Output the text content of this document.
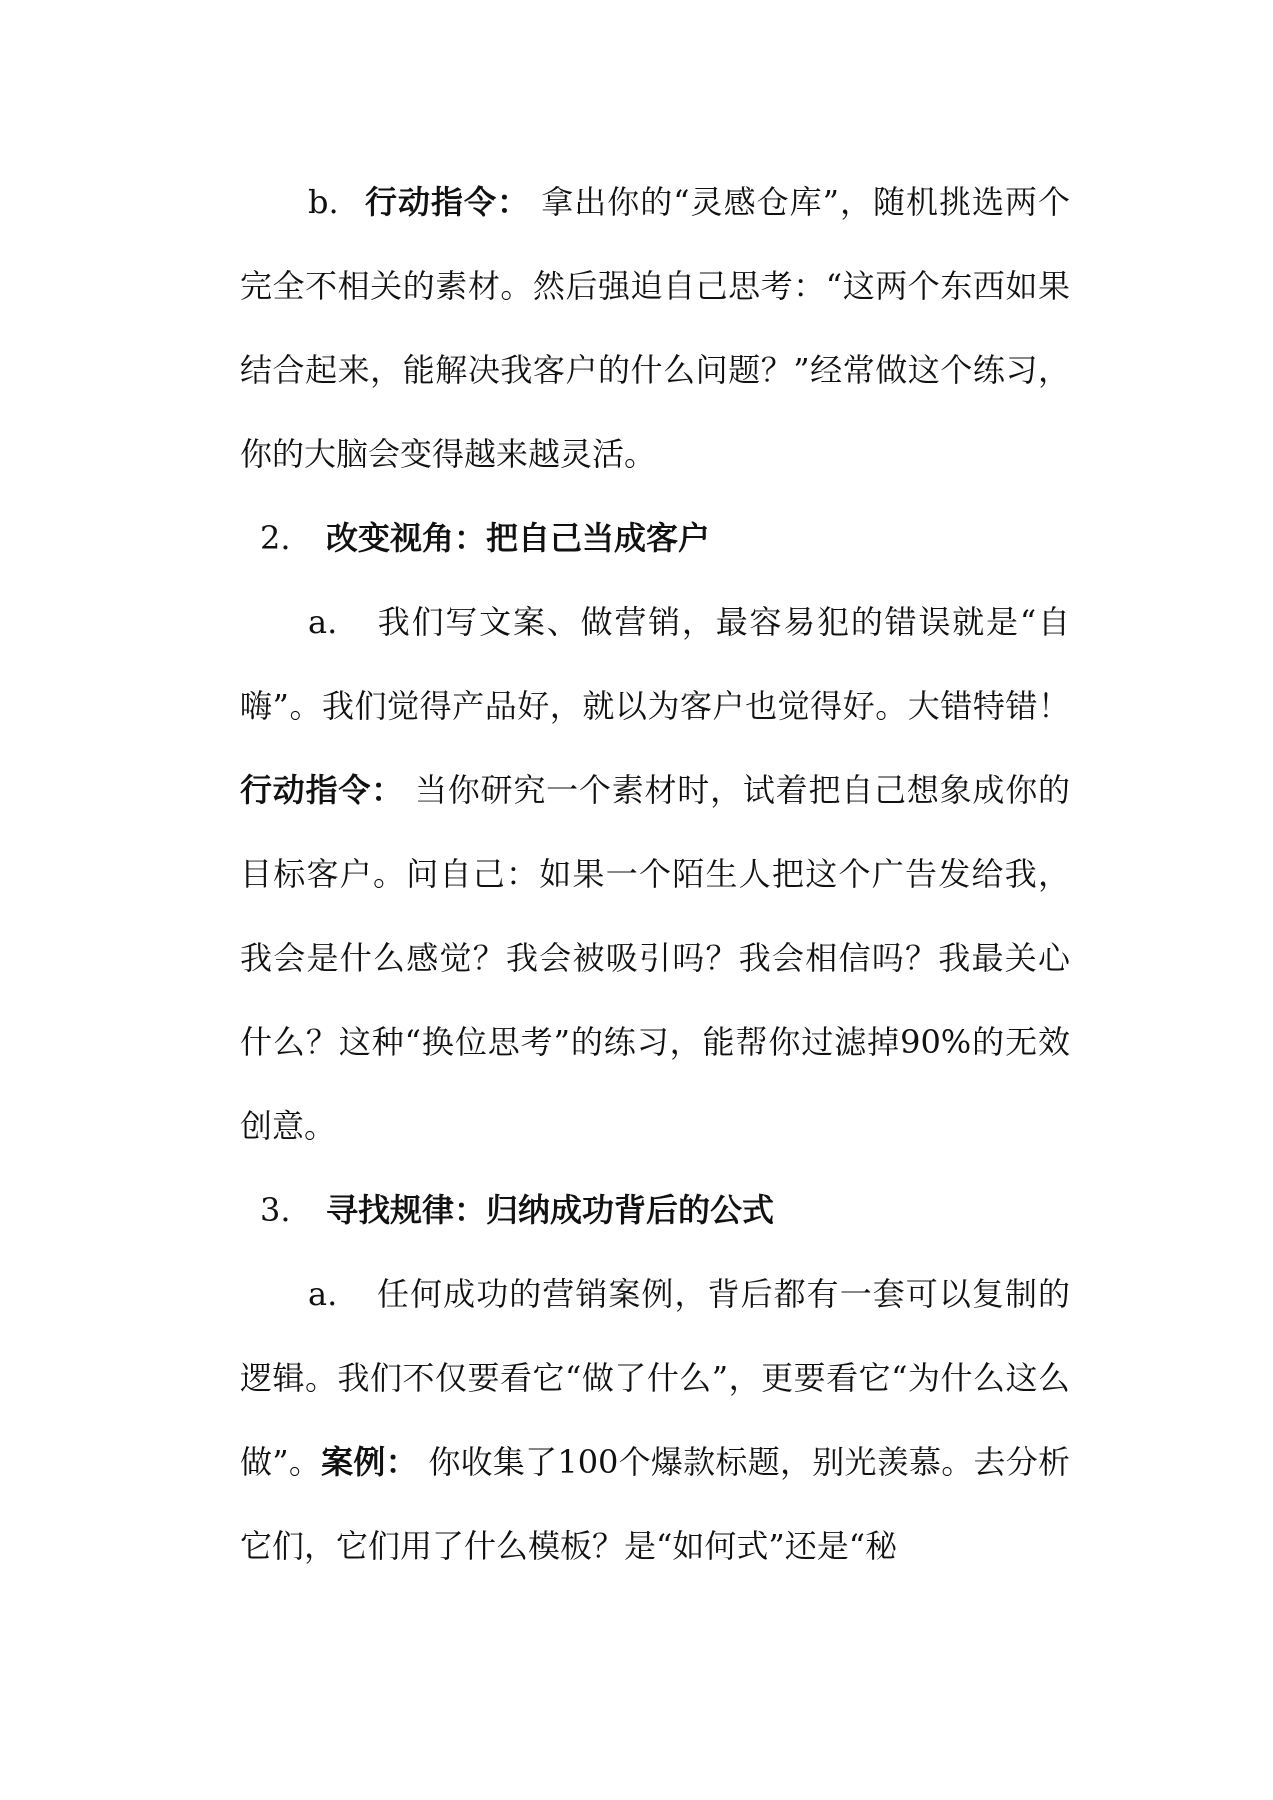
b. 行动指令： 拿出你的“灵感仓库”，随机挑选两个完全不相关的素材。然后强迫自己思考：“这两个东西如果结合起来，能解决我客户的什么问题？”经常做这个练习，你的大脑会变得越来越灵活。

2. 改变视角：把自己当成客户

a. 我们写文案、做营销，最容易犯的错误就是“自嗨”。我们觉得产品好，就以为客户也觉得好。大错特错！行动指令： 当你研究一个素材时，试着把自己想象成你的目标客户。问自己：如果一个陌生人把这个广告发给我，我会是什么感觉？我会被吸引吗？我会相信吗？我最关心什么？这种“换位思考”的练习，能帮你过滤掉90%的无效创意。

3. 寻找规律：归纳成功背后的公式

a. 任何成功的营销案例，背后都有一套可以复制的逻辑。我们不仅要看它“做了什么”，更要看它“为什么这么做”。案例： 你收集了100个爆款标题，别光羡慕。去分析它们，它们用了什么模板？是“如何式”还是“秘
